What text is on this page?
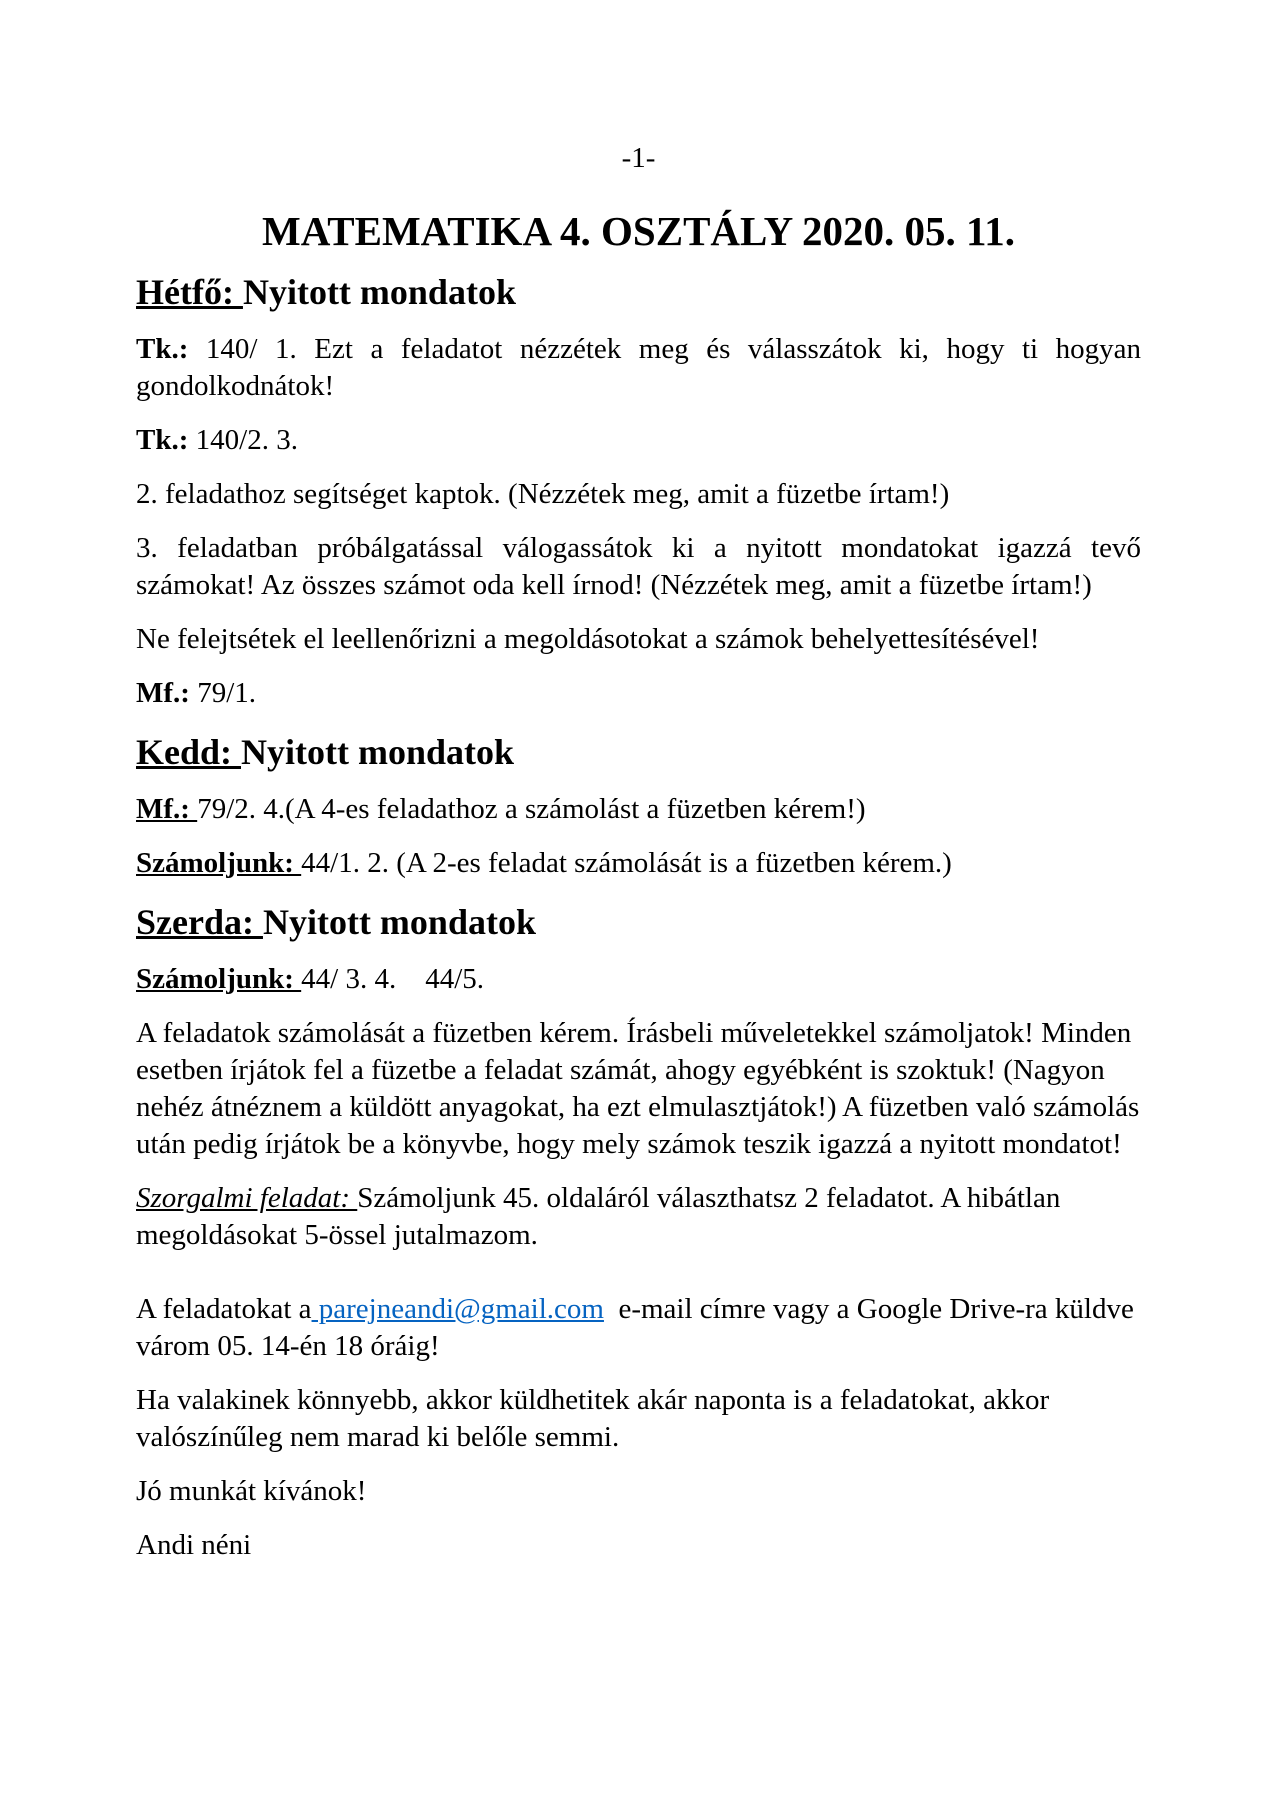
-1-

MATEMATIKA 4. OSZTÁLY 2020. 05. 11.
Hétfő: Nyitott mondatok

Tk.: 140/ 1. Ezt a feladatot nézzétek meg és válasszátok ki, hogy ti hogyan gondolkodnátok!

Tk.: 140/2. 3.

2. feladathoz segítséget kaptok. (Nézzétek meg, amit a füzetbe írtam!)

3. feladatban próbálgatással válogassátok ki a nyitott mondatokat igazzá tevő számokat! Az összes számot oda kell írnod! (Nézzétek meg, amit a füzetbe írtam!)

Ne felejtsétek el leellenőrizni a megoldásotokat a számok behelyettesítésével!

Mf.: 79/1.

Kedd: Nyitott mondatok

Mf.: 79/2. 4.(A 4-es feladathoz a számolást a füzetben kérem!)

Számoljunk: 44/1. 2. (A 2-es feladat számolását is a füzetben kérem.)

Szerda: Nyitott mondatok

Számoljunk: 44/ 3. 4.    44/5.

A feladatok számolását a füzetben kérem. Írásbeli műveletekkel számoljatok! Minden esetben írjátok fel a füzetbe a feladat számát, ahogy egyébként is szoktuk! (Nagyon nehéz átnéznem a küldött anyagokat, ha ezt elmulasztjátok!) A füzetben való számolás után pedig írjátok be a könyvbe, hogy mely számok teszik igazzá a nyitott mondatot!

Szorgalmi feladat: Számoljunk 45. oldaláról választhatsz 2 feladatot. A hibátlan megoldásokat 5-össel jutalmazom.

A feladatokat a parejneandi@gmail.com  e-mail címre vagy a Google Drive-ra küldve várom 05. 14-én 18 óráig!

Ha valakinek könnyebb, akkor küldhetitek akár naponta is a feladatokat, akkor valószínűleg nem marad ki belőle semmi.

Jó munkát kívánok!

Andi néni
